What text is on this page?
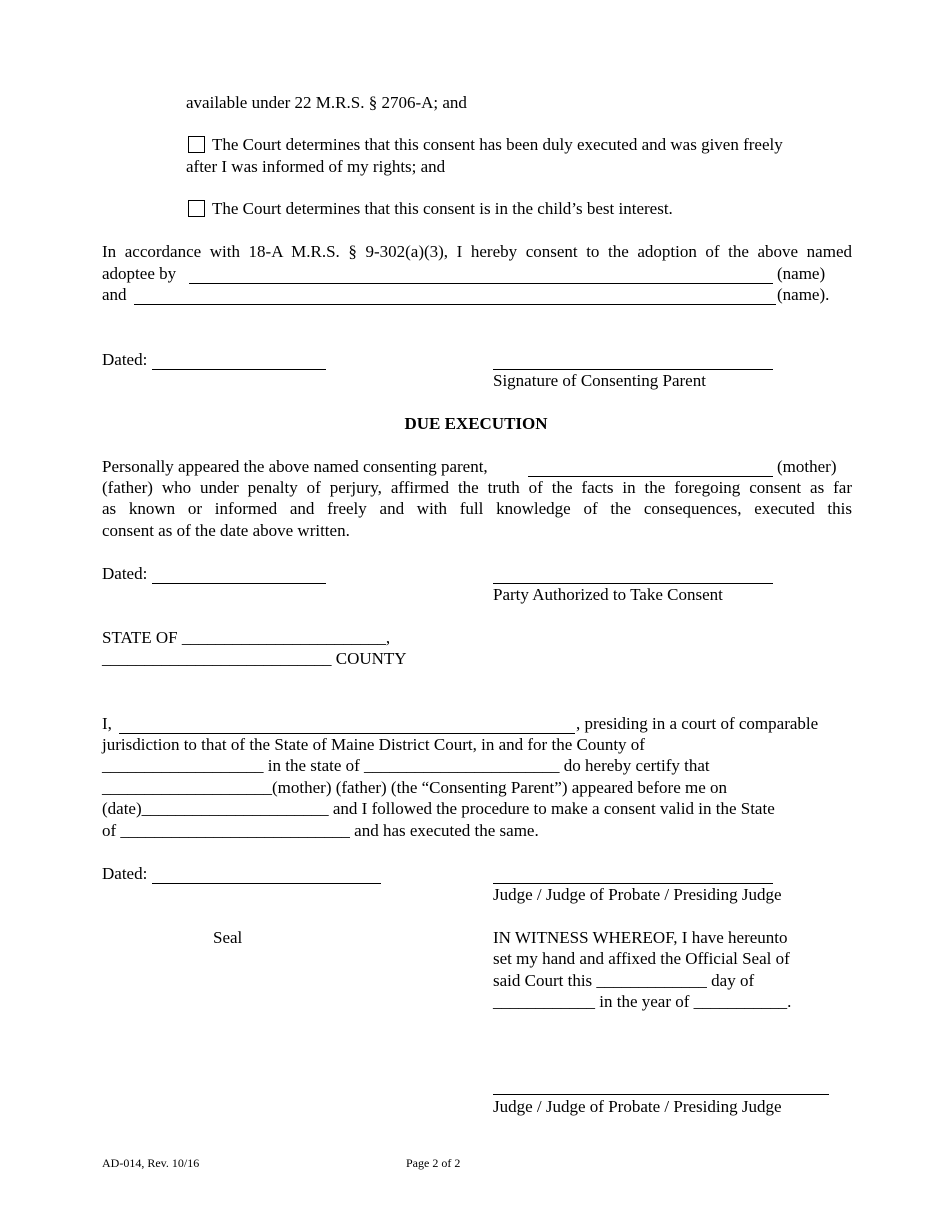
available under 22 M.R.S. § 2706-A; and
The Court determines that this consent has been duly executed and was given freely
after I was informed of my rights; and
The Court determines that this consent is in the child’s best interest.
In accordance with 18-A M.R.S. § 9-302(a)(3), I hereby consent to the adoption of the above named
adoptee by	(name)
and	(name).
Dated:
Signature of Consenting Parent
DUE EXECUTION
Personally appeared the above named consenting parent,	(mother)
(father) who under penalty of perjury, affirmed the truth of the facts in the foregoing consent as far
as known or informed and freely and with full knowledge of the consequences, executed this
consent as of the date above written.
Dated:
Party Authorized to Take Consent
STATE OF ________________________,
___________________________ COUNTY
I,	, presiding in a court of comparable
jurisdiction to that of the State of Maine District Court, in and for the County of
___________________ in the state of _______________________ do hereby certify that
____________________(mother) (father) (the “Consenting Parent”) appeared before me on
(date)______________________ and I followed the procedure to make a consent valid in the State
of ___________________________ and has executed the same.
Dated:
Judge / Judge of Probate / Presiding Judge
Seal	IN WITNESS WHEREOF, I have hereunto
set my hand and affixed the Official Seal of
said Court this _____________ day of
____________ in the year of ___________.
Judge / Judge of Probate / Presiding Judge
AD-014, Rev. 10/16	Page 2 of 2
